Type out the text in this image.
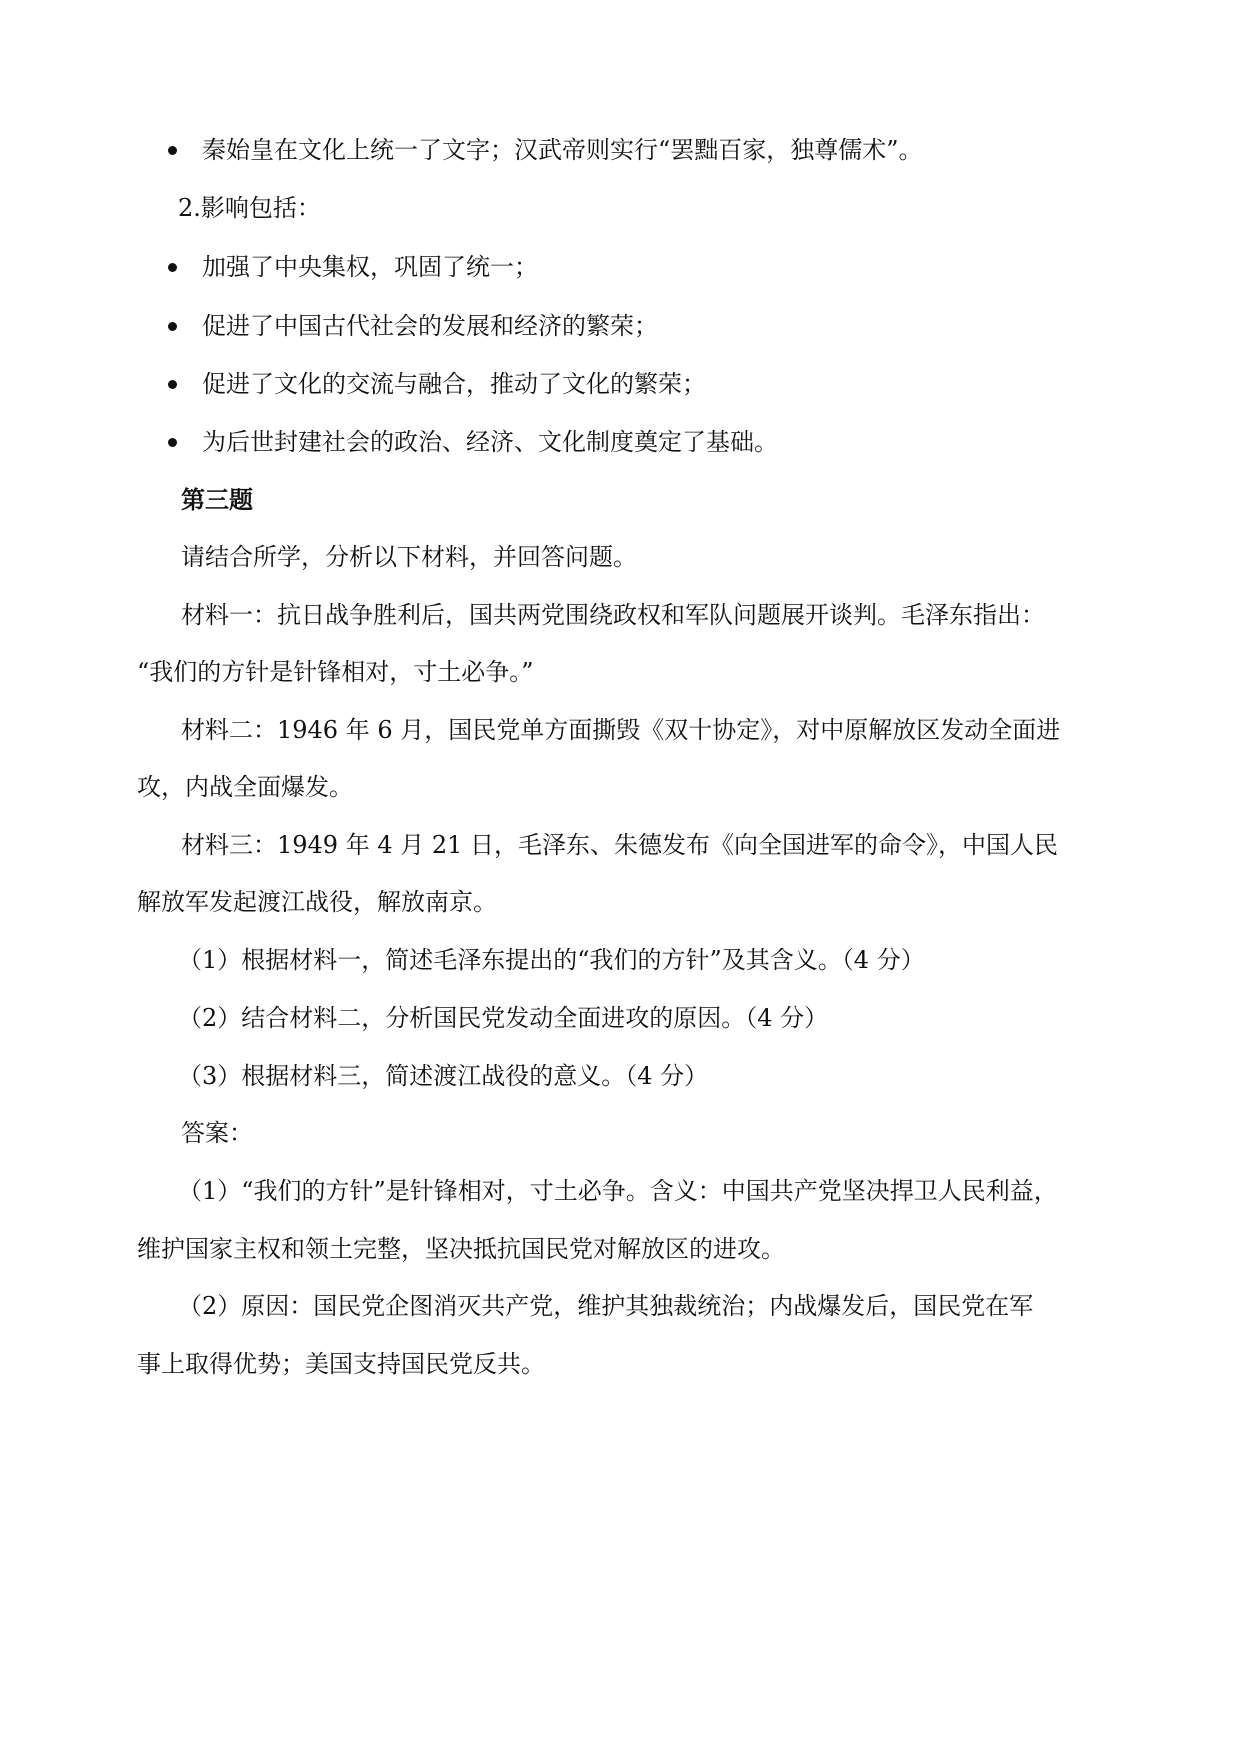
秦始皇在文化上统一了文字；汉武帝则实行“罢黜百家，独尊儒术”。
2.影响包括：
加强了中央集权，巩固了统一；
促进了中国古代社会的发展和经济的繁荣；
促进了文化的交流与融合，推动了文化的繁荣；
为后世封建社会的政治、经济、文化制度奠定了基础。
第三题
请结合所学，分析以下材料，并回答问题。
材料一：抗日战争胜利后，国共两党围绕政权和军队问题展开谈判。毛泽东指出：
“我们的方针是针锋相对，寸土必争。”
材料二：1946 年 6 月，国民党单方面撕毁《双十协定》，对中原解放区发动全面进
攻，内战全面爆发。
材料三：1949 年 4 月 21 日，毛泽东、朱德发布《向全国进军的命令》，中国人民
解放军发起渡江战役，解放南京。
（1）根据材料一，简述毛泽东提出的“我们的方针”及其含义。（4 分）
（2）结合材料二，分析国民党发动全面进攻的原因。（4 分）
（3）根据材料三，简述渡江战役的意义。（4 分）
答案：
（1）“我们的方针”是针锋相对，寸土必争。含义：中国共产党坚决捍卫人民利益，
维护国家主权和领土完整，坚决抵抗国民党对解放区的进攻。
（2）原因：国民党企图消灭共产党，维护其独裁统治；内战爆发后，国民党在军
事上取得优势；美国支持国民党反共。
